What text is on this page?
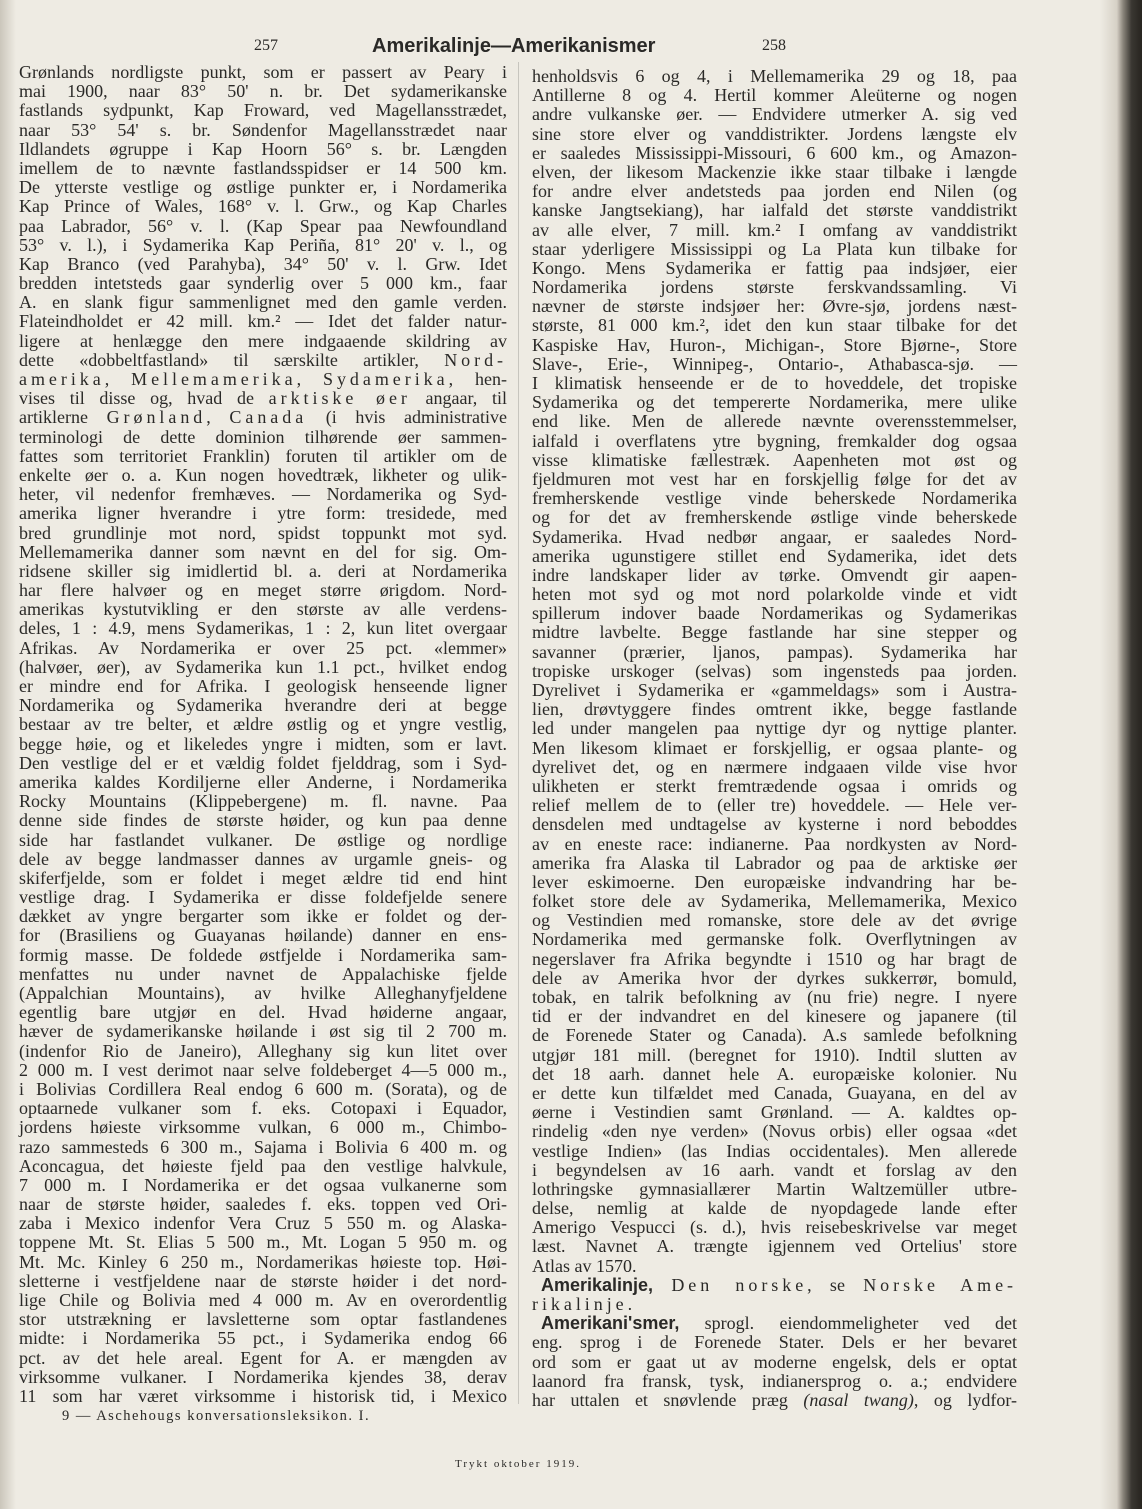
257	Amerikalinje—Amerikanismer	258
Grønlands nordligste punkt, som er passert av Peary i
mai 1900, naar 83° 50' n. br. Det sydamerikanske
fastlands sydpunkt, Kap Froward, ved Magellansstrædet,
naar 53° 54' s. br. Søndenfor Magellansstrædet naar
Ildlandets øgruppe i Kap Hoorn 56° s. br. Længden
imellem de to nævnte fastlandsspidser er 14 500 km.
De ytterste vestlige og østlige punkter er, i Nordamerika
Kap Prince of Wales, 168° v. l. Grw., og Kap Charles
paa Labrador, 56° v. l. (Kap Spear paa Newfoundland
53° v. l.), i Sydamerika Kap Periña, 81° 20' v. l., og
Kap Branco (ved Parahyba), 34° 50' v. l. Grw. Idet
bredden intetsteds gaar synderlig over 5 000 km., faar
A. en slank figur sammenlignet med den gamle verden.
Flateindholdet er 42 mill. km.² — Idet det falder natur-
ligere at henlægge den mere indgaaende skildring av
dette «dobbeltfastland» til særskilte artikler, Nord-
amerika, Mellemamerika, Sydamerika, hen-
vises til disse og, hvad de arktiske øer angaar, til
artiklerne Grønland, Canada (i hvis administrative
terminologi de dette dominion tilhørende øer sammen-
fattes som territoriet Franklin) foruten til artikler om de
enkelte øer o. a. Kun nogen hovedtræk, likheter og ulik-
heter, vil nedenfor fremhæves. — Nordamerika og Syd-
amerika ligner hverandre i ytre form: tresidede, med
bred grundlinje mot nord, spidst toppunkt mot syd.
Mellemamerika danner som nævnt en del for sig. Om-
ridsene skiller sig imidlertid bl. a. deri at Nordamerika
har flere halvøer og en meget større ørigdom. Nord-
amerikas kystutvikling er den største av alle verdens-
deles, 1 : 4.9, mens Sydamerikas, 1 : 2, kun litet overgaar
Afrikas. Av Nordamerika er over 25 pct. «lemmer»
(halvøer, øer), av Sydamerika kun 1.1 pct., hvilket endog
er mindre end for Afrika. I geologisk henseende ligner
Nordamerika og Sydamerika hverandre deri at begge
bestaar av tre belter, et ældre østlig og et yngre vestlig,
begge høie, og et likeledes yngre i midten, som er lavt.
Den vestlige del er et vældig foldet fjelddrag, som i Syd-
amerika kaldes Kordiljerne eller Anderne, i Nordamerika
Rocky Mountains (Klippebergene) m. fl. navne. Paa
denne side findes de største høider, og kun paa denne
side har fastlandet vulkaner. De østlige og nordlige
dele av begge landmasser dannes av urgamle gneis- og
skiferfjelde, som er foldet i meget ældre tid end hint
vestlige drag. I Sydamerika er disse foldefjelde senere
dækket av yngre bergarter som ikke er foldet og der-
for (Brasiliens og Guayanas høilande) danner en ens-
formig masse. De foldede østfjelde i Nordamerika sam-
menfattes nu under navnet de Appalachiske fjelde
(Appalchian Mountains), av hvilke Alleghanyfjeldene
egentlig bare utgjør en del. Hvad høiderne angaar,
hæver de sydamerikanske høilande i øst sig til 2 700 m.
(indenfor Rio de Janeiro), Alleghany sig kun litet over
2 000 m. I vest derimot naar selve foldeberget 4—5 000 m.,
i Bolivias Cordillera Real endog 6 600 m. (Sorata), og de
optaarnede vulkaner som f. eks. Cotopaxi i Equador,
jordens høieste virksomme vulkan, 6 000 m., Chimbo-
razo sammesteds 6 300 m., Sajama i Bolivia 6 400 m. og
Aconcagua, det høieste fjeld paa den vestlige halvkule,
7 000 m. I Nordamerika er det ogsaa vulkanerne som
naar de største høider, saaledes f. eks. toppen ved Ori-
zaba i Mexico indenfor Vera Cruz 5 550 m. og Alaska-
toppene Mt. St. Elias 5 500 m., Mt. Logan 5 950 m. og
Mt. Mc. Kinley 6 250 m., Nordamerikas høieste top. Høi-
sletterne i vestfjeldene naar de største høider i det nord-
lige Chile og Bolivia med 4 000 m. Av en overordentlig
stor utstrækning er lavsletterne som optar fastlandenes
midte: i Nordamerika 55 pct., i Sydamerika endog 66
pct. av det hele areal. Egent for A. er mængden av
virksomme vulkaner. I Nordamerika kjendes 38, derav
11 som har været virksomme i historisk tid, i Mexico
henholdsvis 6 og 4, i Mellemamerika 29 og 18, paa
Antillerne 8 og 4. Hertil kommer Aleüterne og nogen
andre vulkanske øer. — Endvidere utmerker A. sig ved
sine store elver og vanddistrikter. Jordens længste elv
er saaledes Mississippi-Missouri, 6 600 km., og Amazon-
elven, der likesom Mackenzie ikke staar tilbake i længde
for andre elver andetsteds paa jorden end Nilen (og
kanske Jangtsekiang), har ialfald det største vanddistrikt
av alle elver, 7 mill. km.² I omfang av vanddistrikt
staar yderligere Mississippi og La Plata kun tilbake for
Kongo. Mens Sydamerika er fattig paa indsjøer, eier
Nordamerika jordens største ferskvandssamling. Vi
nævner de største indsjøer her: Øvre-sjø, jordens næst-
største, 81 000 km.², idet den kun staar tilbake for det
Kaspiske Hav, Huron-, Michigan-, Store Bjørne-, Store
Slave-, Erie-, Winnipeg-, Ontario-, Athabasca-sjø. —
I klimatisk henseende er de to hoveddele, det tropiske
Sydamerika og det tempererte Nordamerika, mere ulike
end like. Men de allerede nævnte overensstemmelser,
ialfald i overflatens ytre bygning, fremkalder dog ogsaa
visse klimatiske fællestræk. Aapenheten mot øst og
fjeldmuren mot vest har en forskjellig følge for det av
fremherskende vestlige vinde beherskede Nordamerika
og for det av fremherskende østlige vinde beherskede
Sydamerika. Hvad nedbør angaar, er saaledes Nord-
amerika ugunstigere stillet end Sydamerika, idet dets
indre landskaper lider av tørke. Omvendt gir aapen-
heten mot syd og mot nord polarkolde vinde et vidt
spillerum indover baade Nordamerikas og Sydamerikas
midtre lavbelte. Begge fastlande har sine stepper og
savanner (prærier, ljanos, pampas). Sydamerika har
tropiske urskoger (selvas) som ingensteds paa jorden.
Dyrelivet i Sydamerika er «gammeldags» som i Austra-
lien, drøvtyggere findes omtrent ikke, begge fastlande
led under mangelen paa nyttige dyr og nyttige planter.
Men likesom klimaet er forskjellig, er ogsaa plante- og
dyrelivet det, og en nærmere indgaaen vilde vise hvor
ulikheten er sterkt fremtrædende ogsaa i omrids og
relief mellem de to (eller tre) hoveddele. — Hele ver-
densdelen med undtagelse av kysterne i nord beboddes
av en eneste race: indianerne. Paa nordkysten av Nord-
amerika fra Alaska til Labrador og paa de arktiske øer
lever eskimoerne. Den europæiske indvandring har be-
folket store dele av Sydamerika, Mellemamerika, Mexico
og Vestindien med romanske, store dele av det øvrige
Nordamerika med germanske folk. Overflytningen av
negerslaver fra Afrika begyndte i 1510 og har bragt de
dele av Amerika hvor der dyrkes sukkerrør, bomuld,
tobak, en talrik befolkning av (nu frie) negre. I nyere
tid er der indvandret en del kinesere og japanere (til
de Forenede Stater og Canada). A.s samlede befolkning
utgjør 181 mill. (beregnet for 1910). Indtil slutten av
det 18 aarh. dannet hele A. europæiske kolonier. Nu
er dette kun tilfældet med Canada, Guayana, en del av
øerne i Vestindien samt Grønland. — A. kaldtes op-
rindelig «den nye verden» (Novus orbis) eller ogsaa «det
vestlige Indien» (las Indias occidentales). Men allerede
i begyndelsen av 16 aarh. vandt et forslag av den
lothringske gymnasiallærer Martin Waltzemüller utbre-
delse, nemlig at kalde de nyopdagede lande efter
Amerigo Vespucci (s. d.), hvis reisebeskrivelse var meget
læst. Navnet A. trængte igjennem ved Ortelius' store
Atlas av 1570.
Amerikalinje, Den norske, se Norske Ame-
rikalinje.
Amerikani'smer, sprogl. eiendommeligheter ved det
eng. sprog i de Forenede Stater. Dels er her bevaret
ord som er gaat ut av moderne engelsk, dels er optat
laanord fra fransk, tysk, indianersprog o. a.; endvidere
har uttalen et snøvlende præg (nasal twang), og lydfor-
9 — Aschehougs konversationsleksikon. I.
Trykt oktober 1919.
